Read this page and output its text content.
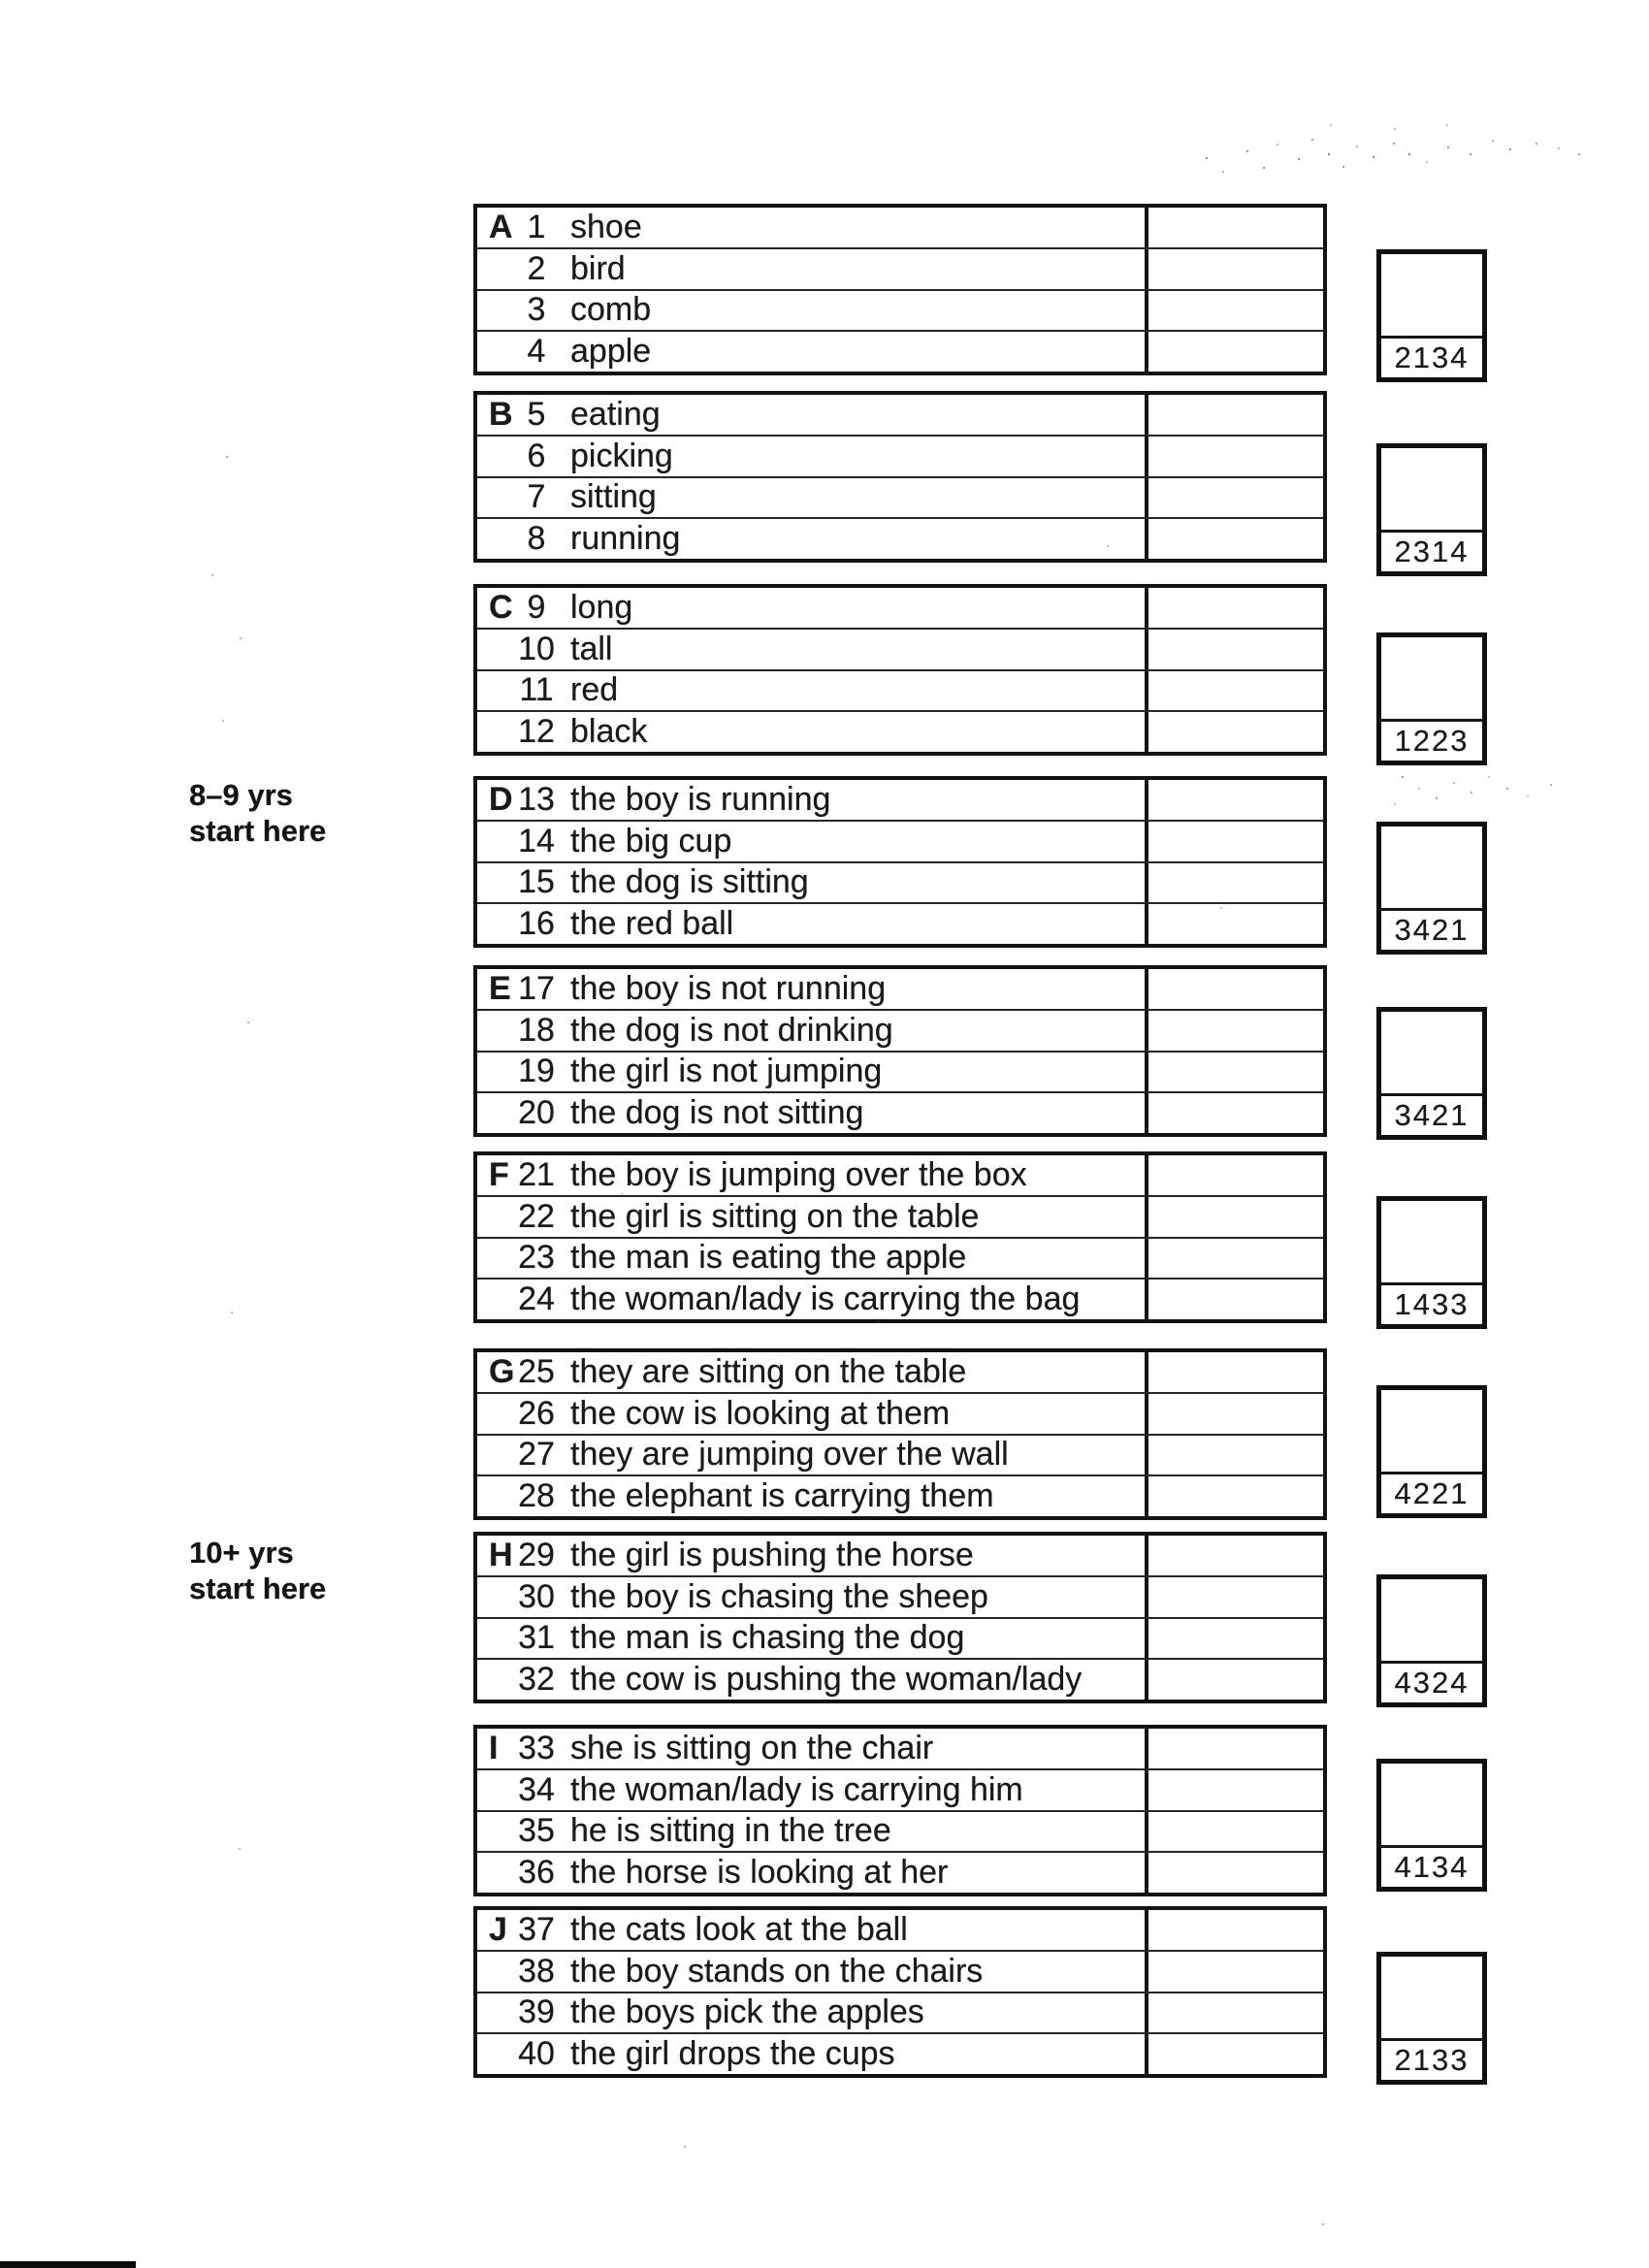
8–9 yrs
start here
10+ yrs
start here
A 1 shoe
2 bird
3 comb
4 apple	2134
B 5 eating
6 picking
7 sitting
8 running	2314
C 9 long
10 tall
11 red
12 black	1223
D 13 the boy is running
14 the big cup
15 the dog is sitting
16 the red ball	3421
E 17 the boy is not running
18 the dog is not drinking
19 the girl is not jumping
20 the dog is not sitting	3421
F 21 the boy is jumping over the box
22 the girl is sitting on the table
23 the man is eating the apple
24 the woman/lady is carrying the bag	1433
G 25 they are sitting on the table
26 the cow is looking at them
27 they are jumping over the wall
28 the elephant is carrying them	4221
H 29 the girl is pushing the horse
30 the boy is chasing the sheep
31 the man is chasing the dog
32 the cow is pushing the woman/lady	4324
I 33 she is sitting on the chair
34 the woman/lady is carrying him
35 he is sitting in the tree
36 the horse is looking at her	4134
J 37 the cats look at the ball
38 the boy stands on the chairs
39 the boys pick the apples
40 the girl drops the cups	2133
